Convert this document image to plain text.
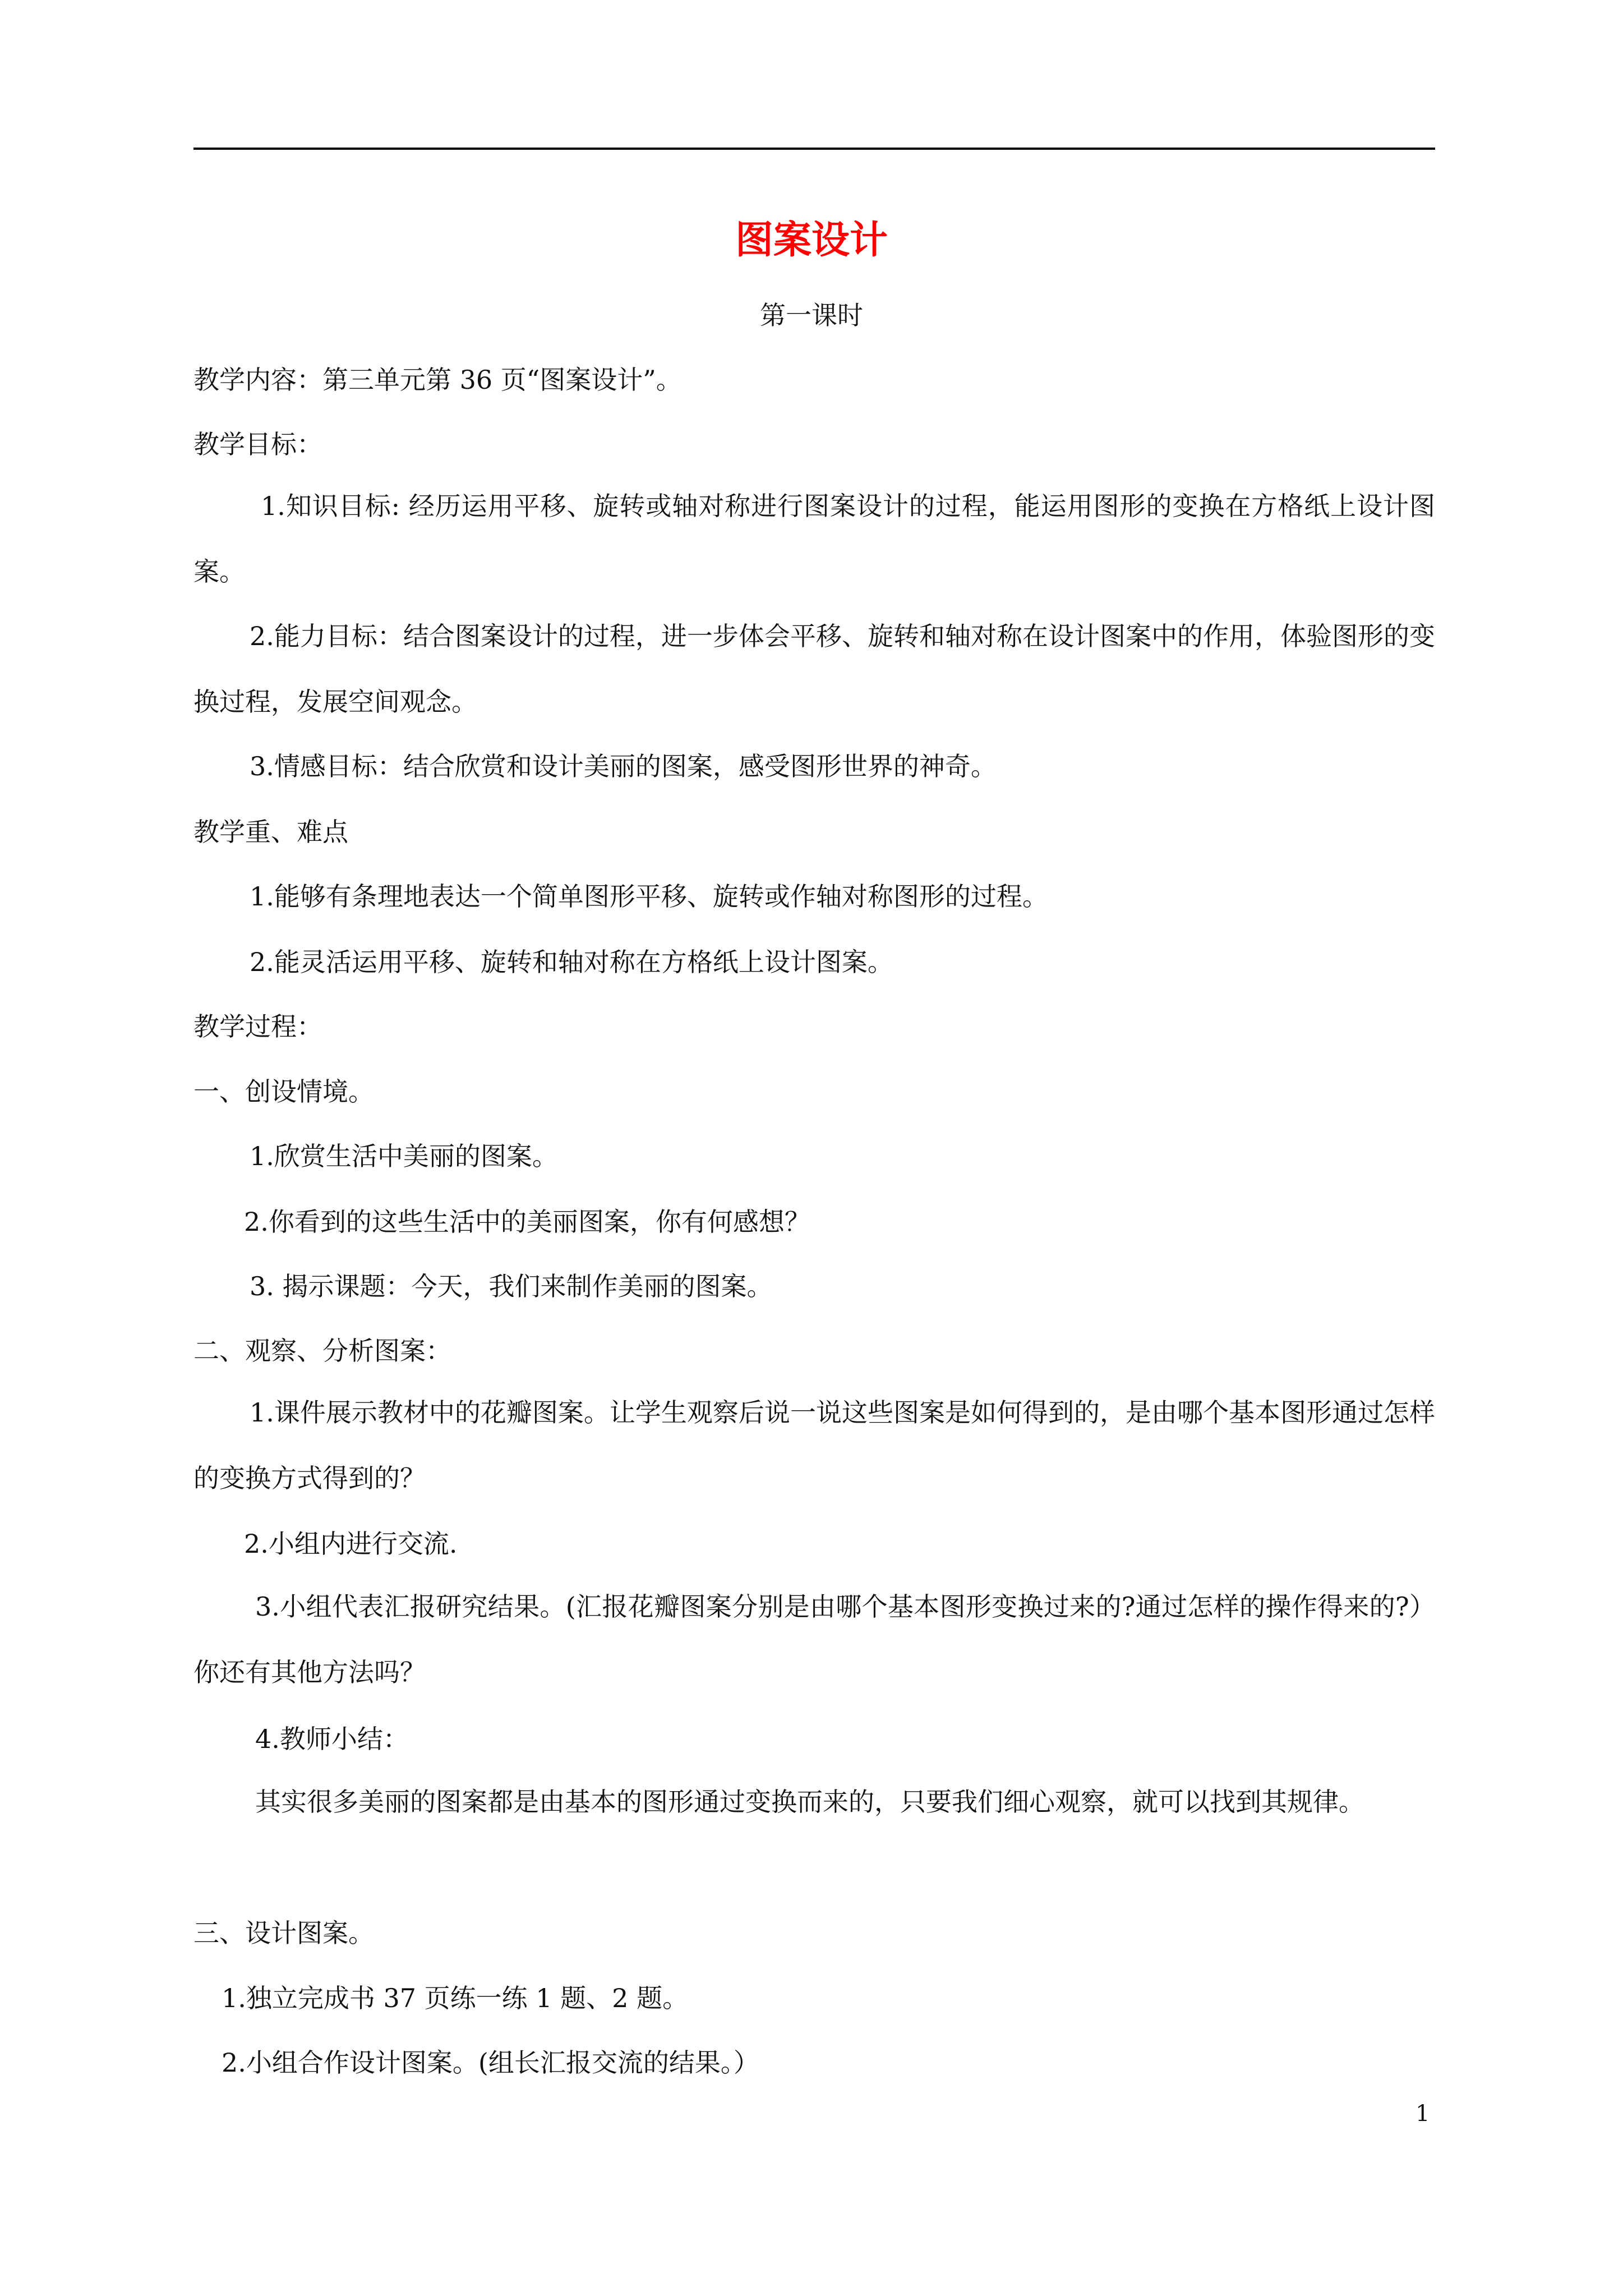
图案设计
第一课时
教学内容：第三单元第 36 页“图案设计”。
教学目标：
1.知识目标: 经历运用平移、旋转或轴对称进行图案设计的过程，能运用图形的变换在方格纸上设计图案。
2.能力目标：结合图案设计的过程，进一步体会平移、旋转和轴对称在设计图案中的作用，体验图形的变换过程，发展空间观念。
3.情感目标：结合欣赏和设计美丽的图案，感受图形世界的神奇。
教学重、难点
1.能够有条理地表达一个简单图形平移、旋转或作轴对称图形的过程。
2.能灵活运用平移、旋转和轴对称在方格纸上设计图案。
教学过程：
一、创设情境。
1.欣赏生活中美丽的图案。
2.你看到的这些生活中的美丽图案，你有何感想？
3. 揭示课题：今天，我们来制作美丽的图案。
二、观察、分析图案：
1.课件展示教材中的花瓣图案。让学生观察后说一说这些图案是如何得到的，是由哪个基本图形通过怎样的变换方式得到的？
2.小组内进行交流.
3.小组代表汇报研究结果。(汇报花瓣图案分别是由哪个基本图形变换过来的?通过怎样的操作得来的?）你还有其他方法吗？
4.教师小结：
其实很多美丽的图案都是由基本的图形通过变换而来的，只要我们细心观察，就可以找到其规律。
三、设计图案。
1.独立完成书 37 页练一练 1 题、2 题。
2.小组合作设计图案。(组长汇报交流的结果。）
1
